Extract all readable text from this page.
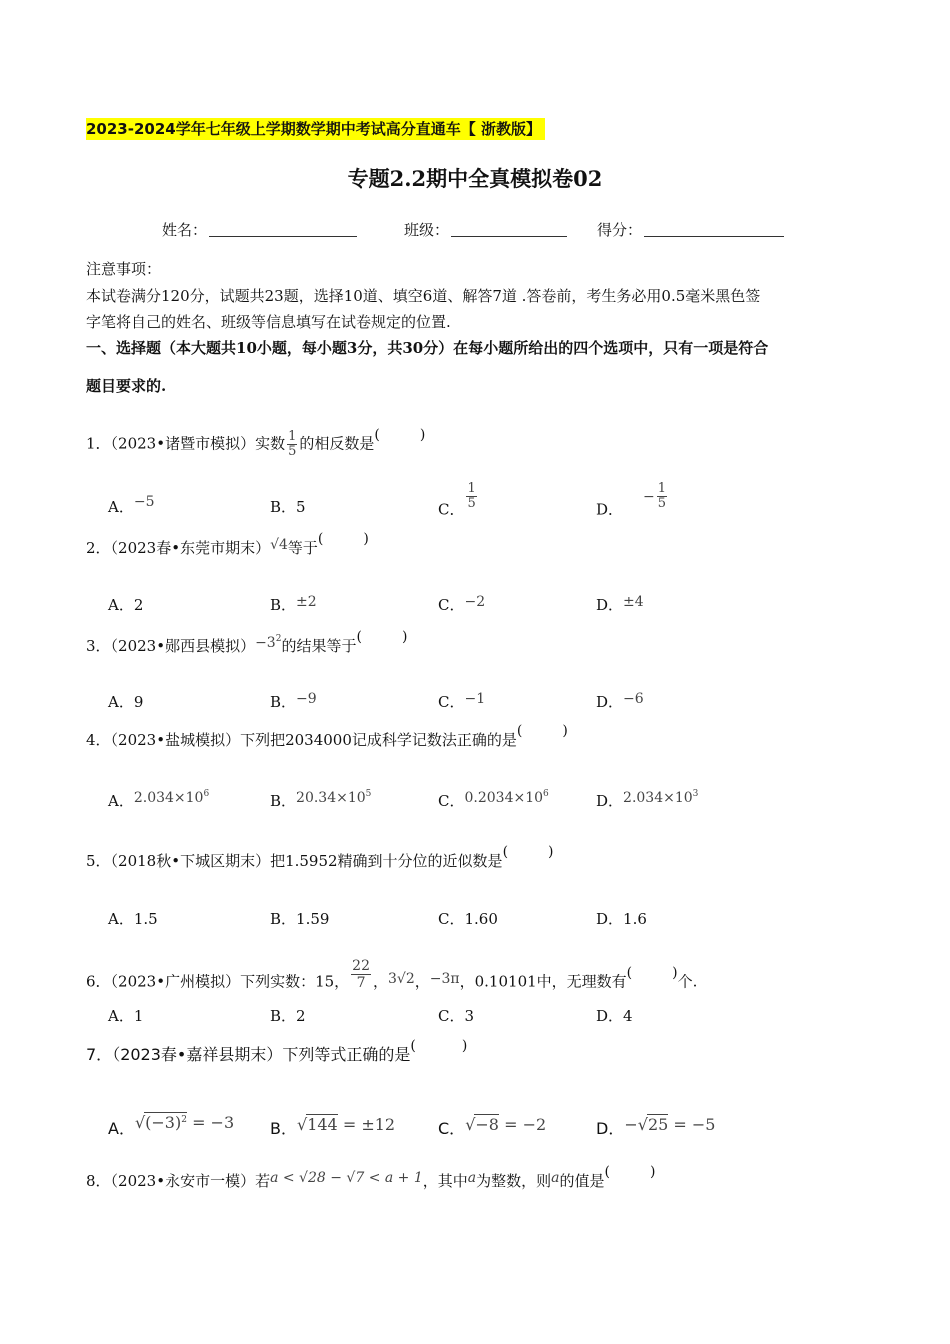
2023-2024学年七年级上学期数学期中考试高分直通车【 浙教版】
专题2.2期中全真模拟卷02
姓名：	班级：	得分：
注意事项：
本试卷满分120分，试题共23题，选择10道、填空6道、解答7道 .答卷前，考生务必用0.5毫米黑色签
字笔将自己的姓名、班级等信息填写在试卷规定的位置.
一、选择题（本大题共10小题，每小题3分，共30分）在每小题所给出的四个选项中，只有一项是符合
题目要求的.
1．（2023•诸暨市模拟）实数 $\frac{1}{5}$ 的相反数是(	)
A．−5	B．5	C． $\frac{1}{5}$	D．− $\frac{1}{5}$
2．（2023春•东莞市期末）√4等于(	)
A．2	B．±2	C．−2	D．±4
3．（2023•郧西县模拟）$-3^2$的结果等于(	)
A．9	B．−9	C．−1	D．−6
4．（2023•盐城模拟）下列把2034000记成科学记数法正确的是(	)
A．$2.034\times 10^6$	B．$20.34\times 10^5$	C．$0.2034\times 10^6$	D．$2.034\times 10^3$
5．（2018秋•下城区期末）把1.5952精确到十分位的近似数是(	)
A．1.5	B．1.59	C．1.60	D．1.6
6．（2023•广州模拟）下列实数：15， $\frac{22}{7}$ ，3√2，−3π，0.10101中，无理数有(	)个.
A．1	B．2	C．3	D．4
7．（2023春•嘉祥县期末）下列等式正确的是(	)
A．$√(-3)^2 = -3$ B．√144 = ±12	C．√−8 = −2	D．−√25 = −5
8．（2023•永安市一模）若a < √28 − √7 < a + 1，其中a为整数，则a的值是(	)
